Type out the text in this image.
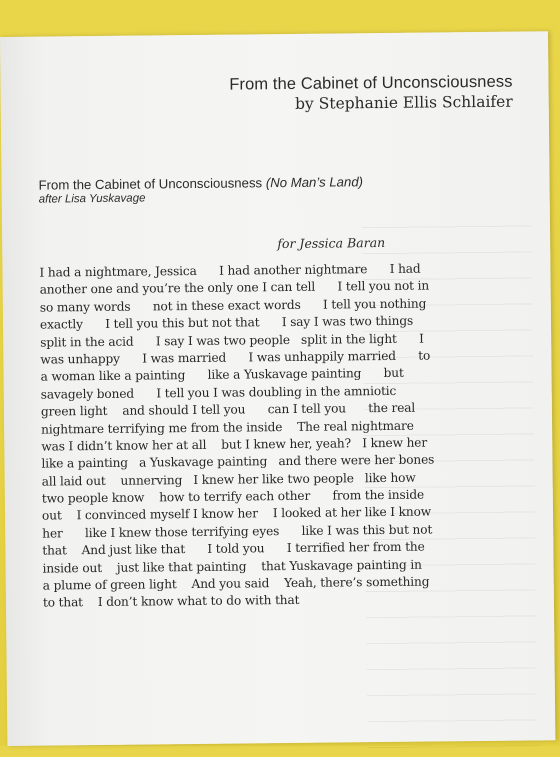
From the Cabinet of Unconsciousness
by Stephanie Ellis Schlaifer
From the Cabinet of Unconsciousness (No Man’s Land)
after Lisa Yuskavage
for Jessica Baran
I had a nightmare, Jessica      I had another nightmare      I had
another one and you’re the only one I can tell      I tell you not in
so many words      not in these exact words      I tell you nothing
exactly      I tell you this but not that      I say I was two things
split in the acid      I say I was two people   split in the light      I
was unhappy      I was married      I was unhappily married      to
a woman like a painting      like a Yuskavage painting      but
savagely boned      I tell you I was doubling in the amniotic
green light    and should I tell you      can I tell you      the real
nightmare terrifying me from the inside    The real nightmare
was I didn’t know her at all    but I knew her, yeah?   I knew her
like a painting   a Yuskavage painting   and there were her bones
all laid out    unnerving   I knew her like two people   like how
two people know    how to terrify each other      from the inside
out    I convinced myself I know her    I looked at her like I know
her      like I knew those terrifying eyes      like I was this but not
that    And just like that      I told you      I terrified her from the
inside out    just like that painting    that Yuskavage painting in
a plume of green light    And you said    Yeah, there’s something
to that    I don’t know what to do with that
